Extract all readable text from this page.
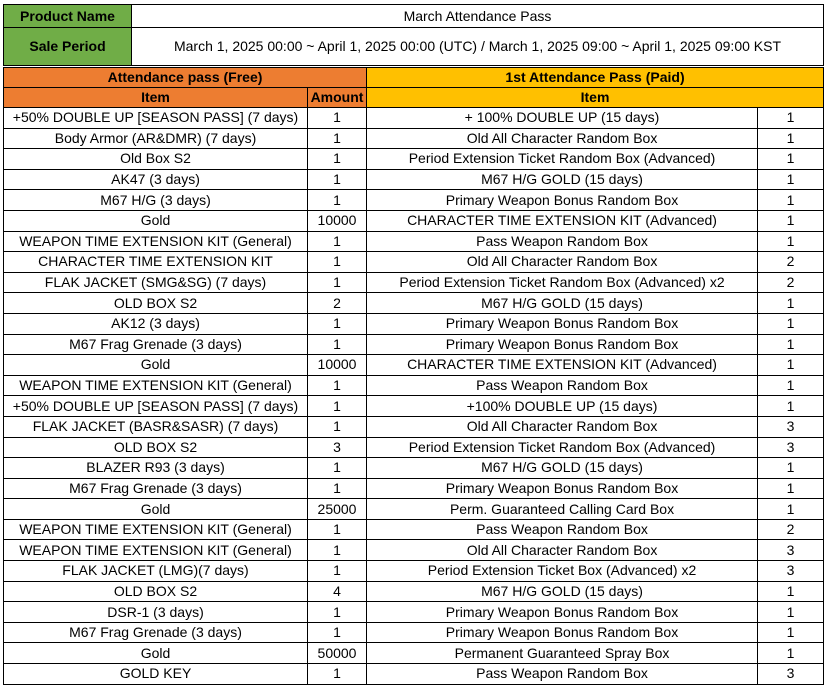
Product Name	March Attendance Pass
Sale Period	March 1, 2025 00:00 ~ April 1, 2025 00:00 (UTC) / March 1, 2025 09:00 ~ April 1, 2025 09:00 KST
Attendance pass (Free)		1st Attendance Pass (Paid)	
Item	Amount	Item	
+50% DOUBLE UP [SEASON PASS] (7 days)	1	+ 100% DOUBLE UP (15 days)	1
Body Armor (AR&DMR) (7 days)	1	Old All Character Random Box	1
Old Box S2	1	Period Extension Ticket Random Box (Advanced)	1
AK47 (3 days)	1	M67 H/G GOLD (15 days)	1
M67 H/G (3 days)	1	Primary Weapon Bonus Random Box	1
Gold	10000	CHARACTER TIME EXTENSION KIT (Advanced)	1
WEAPON TIME EXTENSION KIT (General)	1	Pass Weapon Random Box	1
CHARACTER TIME EXTENSION KIT	1	Old All Character Random Box	2
FLAK JACKET (SMG&SG) (7 days)	1	Period Extension Ticket Random Box (Advanced) x2	2
OLD BOX S2	2	M67 H/G GOLD (15 days)	1
AK12 (3 days)	1	Primary Weapon Bonus Random Box	1
M67 Frag Grenade (3 days)	1	Primary Weapon Bonus Random Box	1
Gold	10000	CHARACTER TIME EXTENSION KIT (Advanced)	1
WEAPON TIME EXTENSION KIT (General)	1	Pass Weapon Random Box	1
+50% DOUBLE UP [SEASON PASS] (7 days)	1	+100% DOUBLE UP (15 days)	1
FLAK JACKET (BASR&SASR) (7 days)	1	Old All Character Random Box	3
OLD BOX S2	3	Period Extension Ticket Random Box (Advanced)	3
BLAZER R93 (3 days)	1	M67 H/G GOLD (15 days)	1
M67 Frag Grenade (3 days)	1	Primary Weapon Bonus Random Box	1
Gold	25000	Perm. Guaranteed Calling Card Box	1
WEAPON TIME EXTENSION KIT (General)	1	Pass Weapon Random Box	2
WEAPON TIME EXTENSION KIT (General)	1	Old All Character Random Box	3
FLAK JACKET (LMG)(7 days)	1	Period Extension Ticket Box (Advanced) x2	3
OLD BOX S2	4	M67 H/G GOLD (15 days)	1
DSR-1 (3 days)	1	Primary Weapon Bonus Random Box	1
M67 Frag Grenade (3 days)	1	Primary Weapon Bonus Random Box	1
Gold	50000	Permanent Guaranteed Spray Box	1
GOLD KEY	1	Pass Weapon Random Box	3
